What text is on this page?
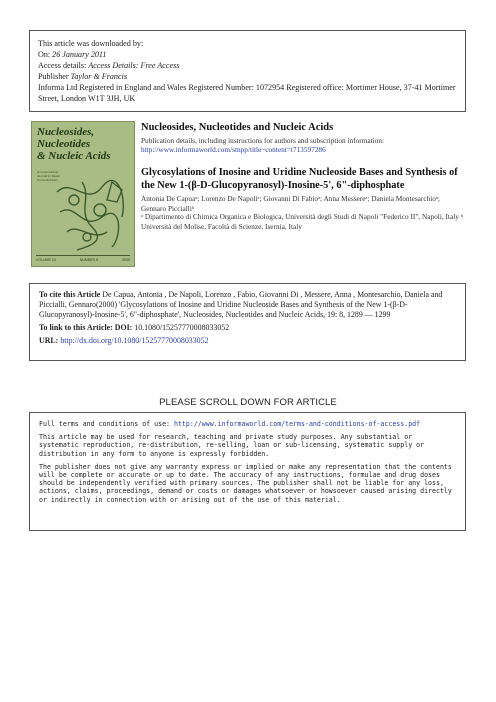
This article was downloaded by:
On: 26 January 2011
Access details: Access Details: Free Access
Publisher Taylor & Francis
Informa Ltd Registered in England and Wales Registered Number: 1072954 Registered office: Mortimer House, 37-41 Mortimer Street, London W1T 3JH, UK
Nucleosides,
Nucleotides
& Nucleic Acids
An International Journal for Rapid Communication
VOLUME 24	NUMBER 8	2005
Nucleosides, Nucleotides and Nucleic Acids
Publication details, including instructions for authors and subscription information:
http://www.informaworld.com/smpp/title~content=t713597286
Glycosylations of Inosine and Uridine Nucleoside Bases and Synthesis of the New 1-(β-D-Glucopyranosyl)-Inosine-5', 6"-diphosphate
Antonia De Capuaᵃ; Lorenzo De Napoliᵃ; Giovanni Di Fabioᵃ; Anna Messereᵃ; Daniela Montesarchioᵃ; Gennaro Piccialliᵇ
ᵃ Dipartimento di Chimica Organica e Biologica, Università degli Studi di Napoli "Federico II", Napoli, Italy ᵇ Università del Molise, Facoltà di Scienze, Isernia, Italy
To cite this Article De Capua, Antonia , De Napoli, Lorenzo , Fabio, Giovanni Di , Messere, Anna , Montesarchio, Daniela and Piccialli, Gennaro(2000) 'Glycosylations of Inosine and Uridine Nucleoside Bases and Synthesis of the New 1-(β-D-Glucopyranosyl)-Inosine-5', 6"-diphosphate', Nucleosides, Nucleotides and Nucleic Acids, 19: 8, 1289 — 1299
To link to this Article: DOI: 10.1080/15257770008033052
URL: http://dx.doi.org/10.1080/15257770008033052
PLEASE SCROLL DOWN FOR ARTICLE
Full terms and conditions of use: http://www.informaworld.com/terms-and-conditions-of-access.pdf
This article may be used for research, teaching and private study purposes. Any substantial or
systematic reproduction, re-distribution, re-selling, loan or sub-licensing, systematic supply or
distribution in any form to anyone is expressly forbidden.
The publisher does not give any warranty express or implied or make any representation that the contents
will be complete or accurate or up to date. The accuracy of any instructions, formulae and drug doses
should be independently verified with primary sources. The publisher shall not be liable for any loss,
actions, claims, proceedings, demand or costs or damages whatsoever or howsoever caused arising directly
or indirectly in connection with or arising out of the use of this material.
